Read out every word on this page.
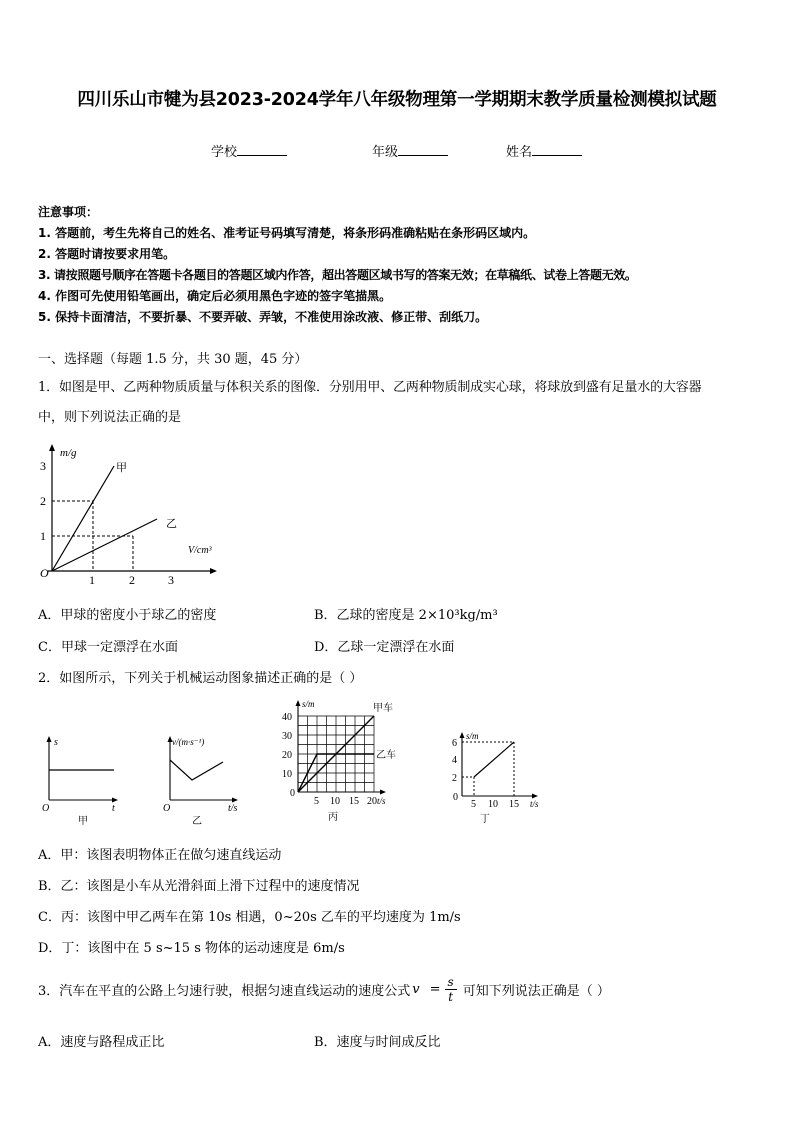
四川乐山市犍为县2023-2024学年八年级物理第一学期期末教学质量检测模拟试题
学校	年级	姓名
注意事项：
1. 答题前，考生先将自己的姓名、准考证号码填写清楚，将条形码准确粘贴在条形码区域内。
2. 答题时请按要求用笔。
3. 请按照题号顺序在答题卡各题目的答题区域内作答，超出答题区域书写的答案无效；在草稿纸、试卷上答题无效。
4. 作图可先使用铅笔画出，确定后必须用黑色字迹的签字笔描黑。
5. 保持卡面清洁，不要折暴、不要弄破、弄皱，不准使用涂改液、修正带、刮纸刀。
一、选择题（每题 1.5 分，共 30 题，45 分）
1．如图是甲、乙两种物质质量与体积关系的图像．分别用甲、乙两种物质制成实心球，将球放到盛有足量水的大容器
中，则下列说法正确的是
m/g
V/cm³
O
1
2
3
1	2	3
甲
乙
A．甲球的密度小于球乙的密度	B．乙球的密度是 2×10³kg/m³
C．甲球一定漂浮在水面	D．乙球一定漂浮在水面
2．如图所示，下列关于机械运动图象描述正确的是（ ）
s
t
O
甲
v/(m·s⁻¹)
t/s
O
乙
s/m
t/s
0
10
20
30
40
5 10 15 20
甲车
乙车
丙
s/m
t/s
0
2
4
6
5 10 15
丁
A．甲：该图表明物体正在做匀速直线运动
B．乙：该图是小车从光滑斜面上滑下过程中的速度情况
C．丙：该图中甲乙两车在第 10s 相遇，0~20s 乙车的平均速度为 1m/s
D．丁：该图中在 5 s~15 s 物体的运动速度是 6m/s
3．汽车在平直的公路上匀速行驶，根据匀速直线运动的速度公式 $v = \frac{s}{t}$ 可知下列说法正确是（ ）
A．速度与路程成正比	B．速度与时间成反比
